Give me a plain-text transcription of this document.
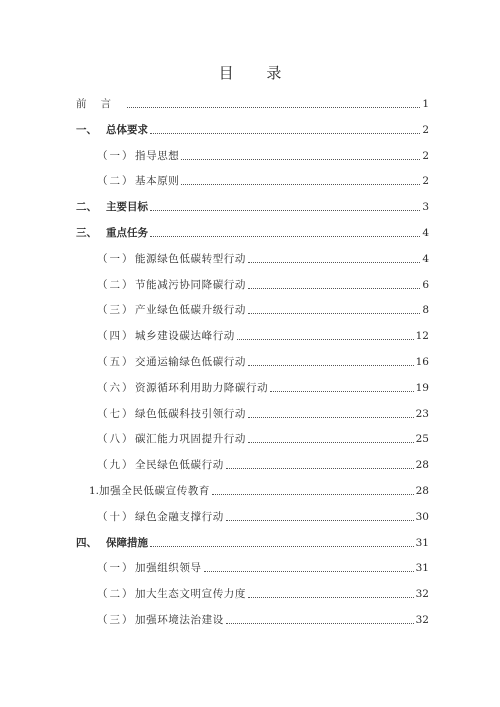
目 录
前言	1
一、 总体要求	2
（一） 指导思想	2
（二） 基本原则	2
二、 主要目标	3
三、 重点任务	4
（一） 能源绿色低碳转型行动	4
（二） 节能减污协同降碳行动	6
（三） 产业绿色低碳升级行动	8
（四） 城乡建设碳达峰行动	12
（五） 交通运输绿色低碳行动	16
（六） 资源循环利用助力降碳行动	19
（七） 绿色低碳科技引领行动	23
（八） 碳汇能力巩固提升行动	25
（九） 全民绿色低碳行动	28
1. 加强全民低碳宣传教育	28
（十） 绿色金融支撑行动	30
四、 保障措施	31
（一） 加强组织领导	31
（二） 加大生态文明宣传力度	32
（三） 加强环境法治建设	32
